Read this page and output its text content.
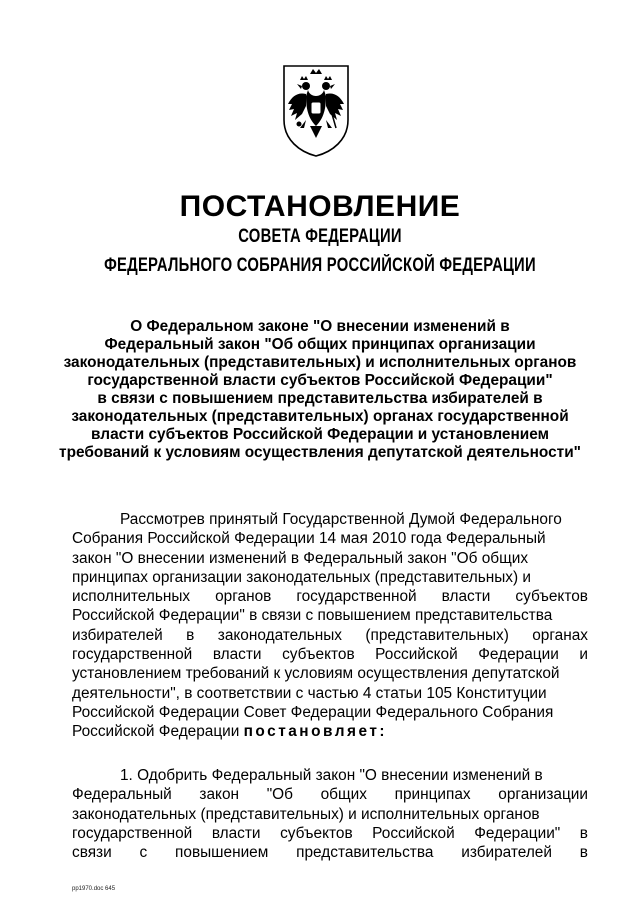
ПОСТАНОВЛЕНИЕ
СОВЕТА ФЕДЕРАЦИИ
ФЕДЕРАЛЬНОГО СОБРАНИЯ РОССИЙСКОЙ ФЕДЕРАЦИИ
О Федеральном законе "О внесении изменений в
Федеральный закон "Об общих принципах организации
законодательных (представительных) и исполнительных органов
государственной власти субъектов Российской Федерации"
в связи с повышением представительства избирателей в
законодательных (представительных) органах государственной
власти субъектов Российской Федерации и установлением
требований к условиям осуществления депутатской деятельности"
Рассмотрев принятый Государственной Думой Федерального
Собрания Российской Федерации 14 мая 2010 года Федеральный
закон "О внесении изменений в Федеральный закон "Об общих
принципах организации законодательных (представительных) и
исполнительных органов государственной власти субъектов
Российской Федерации" в связи с повышением представительства
избирателей в законодательных (представительных) органах
государственной власти субъектов Российской Федерации и
установлением требований к условиям осуществления депутатской
деятельности", в соответствии с частью 4 статьи 105 Конституции
Российской Федерации Совет Федерации Федерального Собрания
Российской Федерации постановляет:
1. Одобрить Федеральный закон "О внесении изменений в
Федеральный закон "Об общих принципах организации
законодательных (представительных) и исполнительных органов
государственной власти субъектов Российской Федерации" в
связи с повышением представительства избирателей в
pp1970.doc 645
